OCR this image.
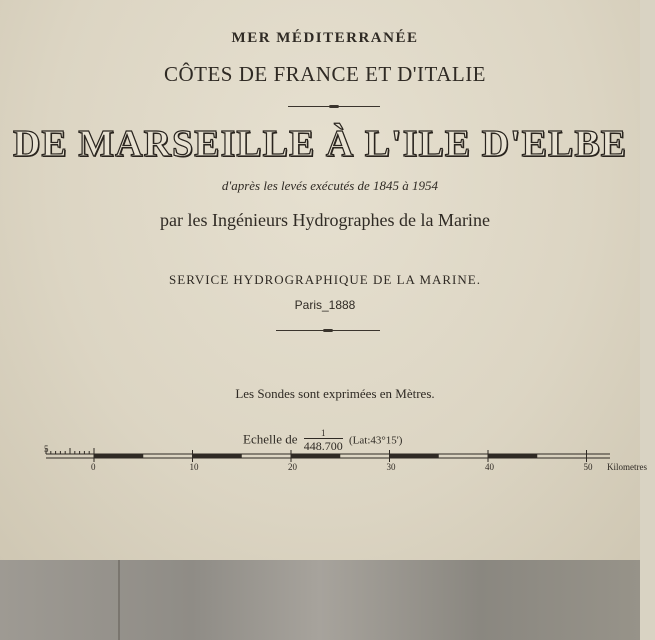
MER MÉDITERRANÉE
CÔTES DE FRANCE ET D'ITALIE
DE MARSEILLE À L'ILE D'ELBE
d'après les levés exécutés de 1845 à 1954
par les Ingénieurs Hydrographes de la Marine
SERVICE HYDROGRAPHIQUE DE LA MARINE.
Paris_1888
Les Sondes sont exprimées en Mètres.
Echelle de $\frac{1}{448.700}$ (Lat:43°15')
5
0	10	20	30	40	50 Kilometres
